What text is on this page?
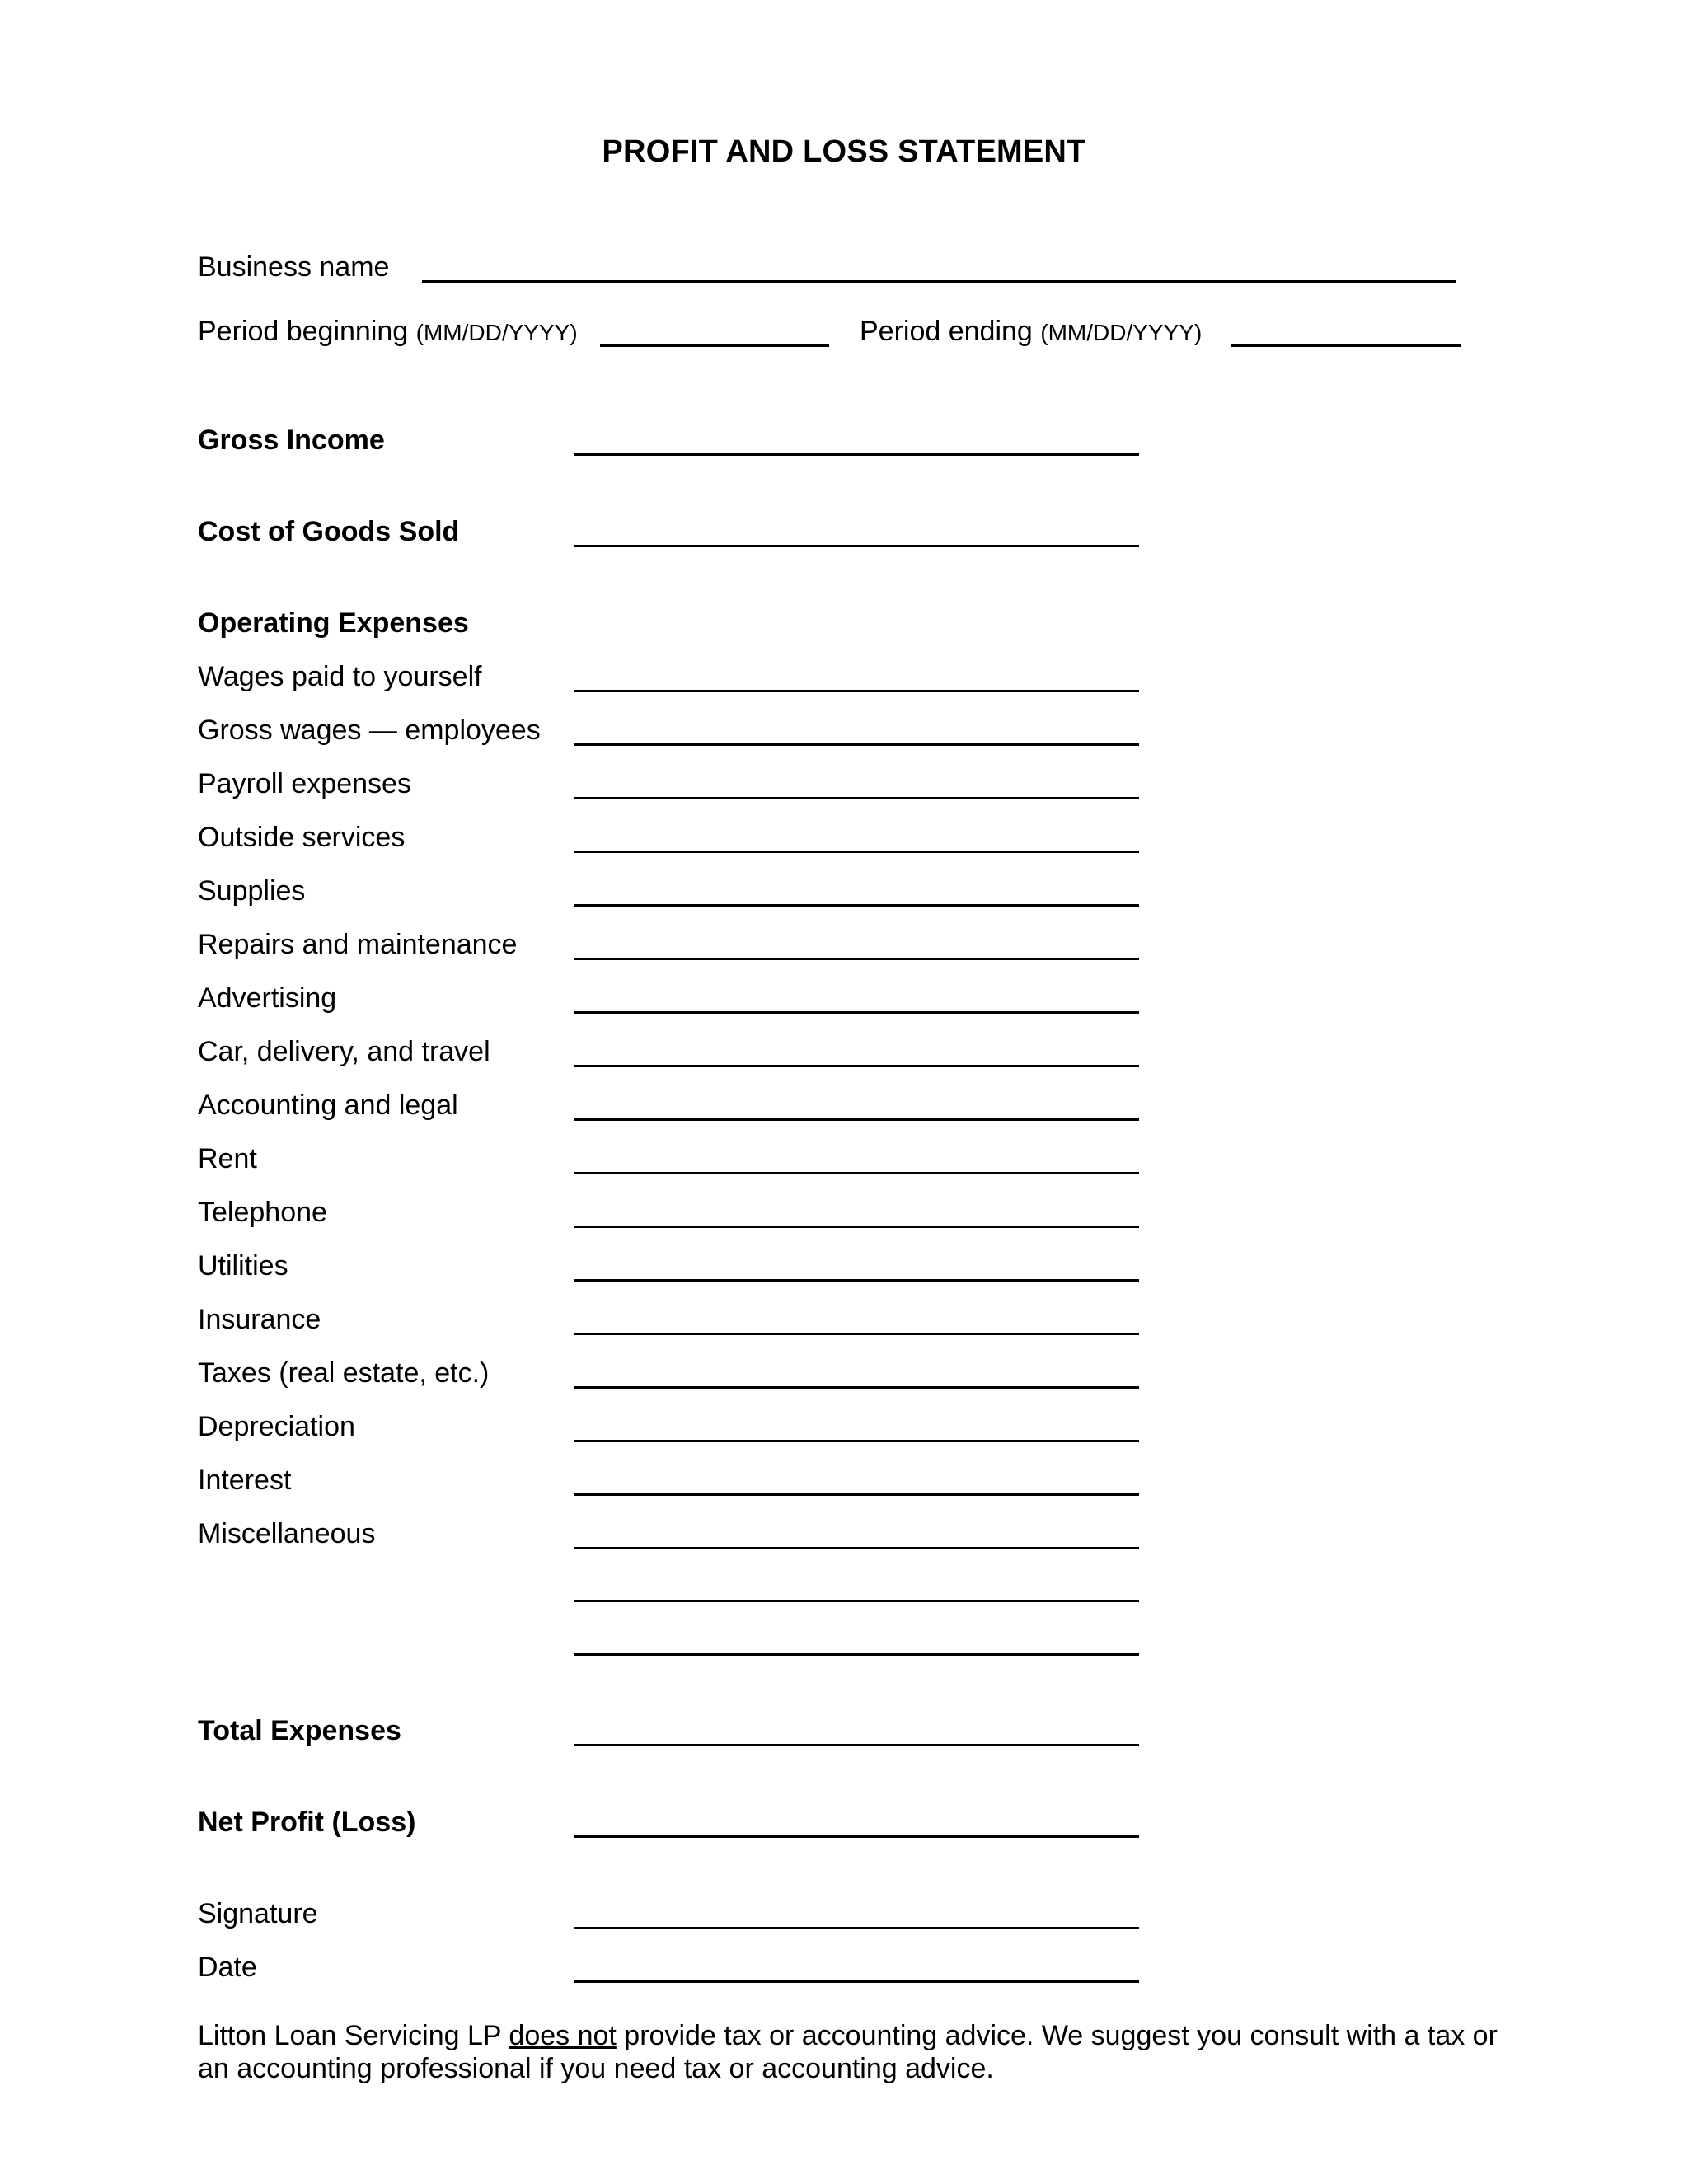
PROFIT AND LOSS STATEMENT
Business name
Period beginning (MM/DD/YYYY)	Period ending (MM/DD/YYYY)
Gross Income
Cost of Goods Sold
Operating Expenses
Wages paid to yourself
Gross wages — employees
Payroll expenses
Outside services
Supplies
Repairs and maintenance
Advertising
Car, delivery, and travel
Accounting and legal
Rent
Telephone
Utilities
Insurance
Taxes (real estate, etc.)
Depreciation
Interest
Miscellaneous
Total Expenses
Net Profit (Loss)
Signature
Date
Litton Loan Servicing LP does not provide tax or accounting advice. We suggest you consult with a tax or an accounting professional if you need tax or accounting advice.
